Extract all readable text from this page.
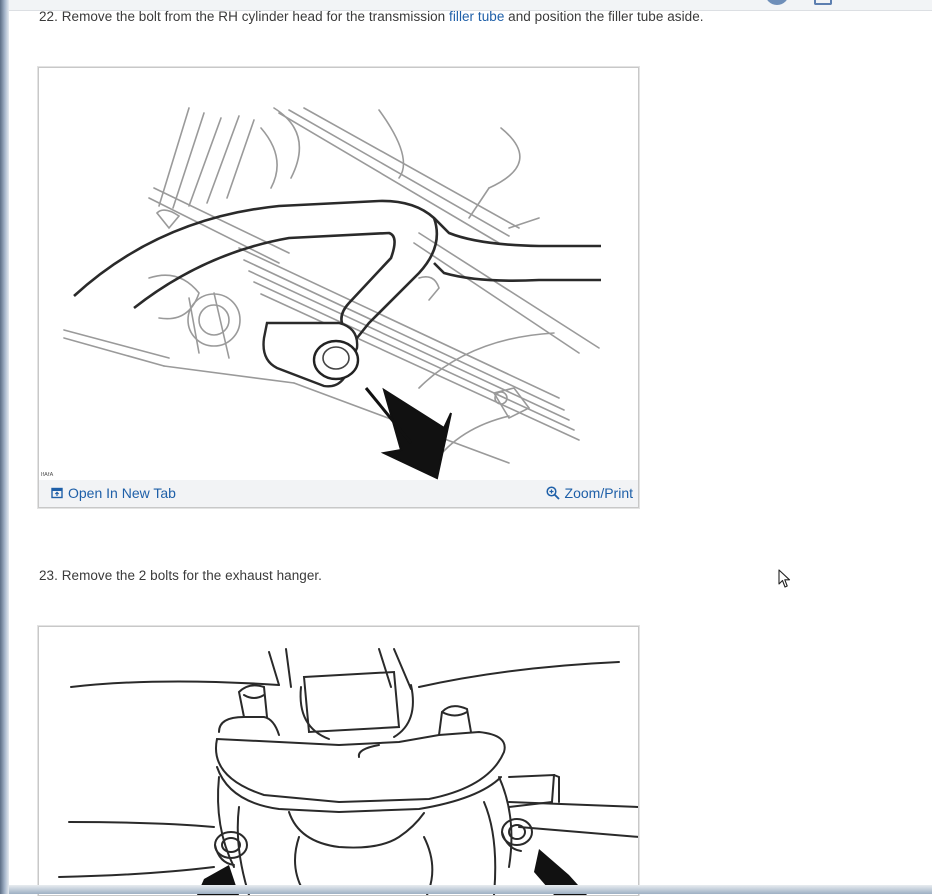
22. Remove the bolt from the RH cylinder head for the transmission filler tube and position the filler tube aside.

ᴵᶠᴬᶠᴬ
Open In New Tab	Zoom/Print

23. Remove the 2 bolts for the exhaust hanger.
